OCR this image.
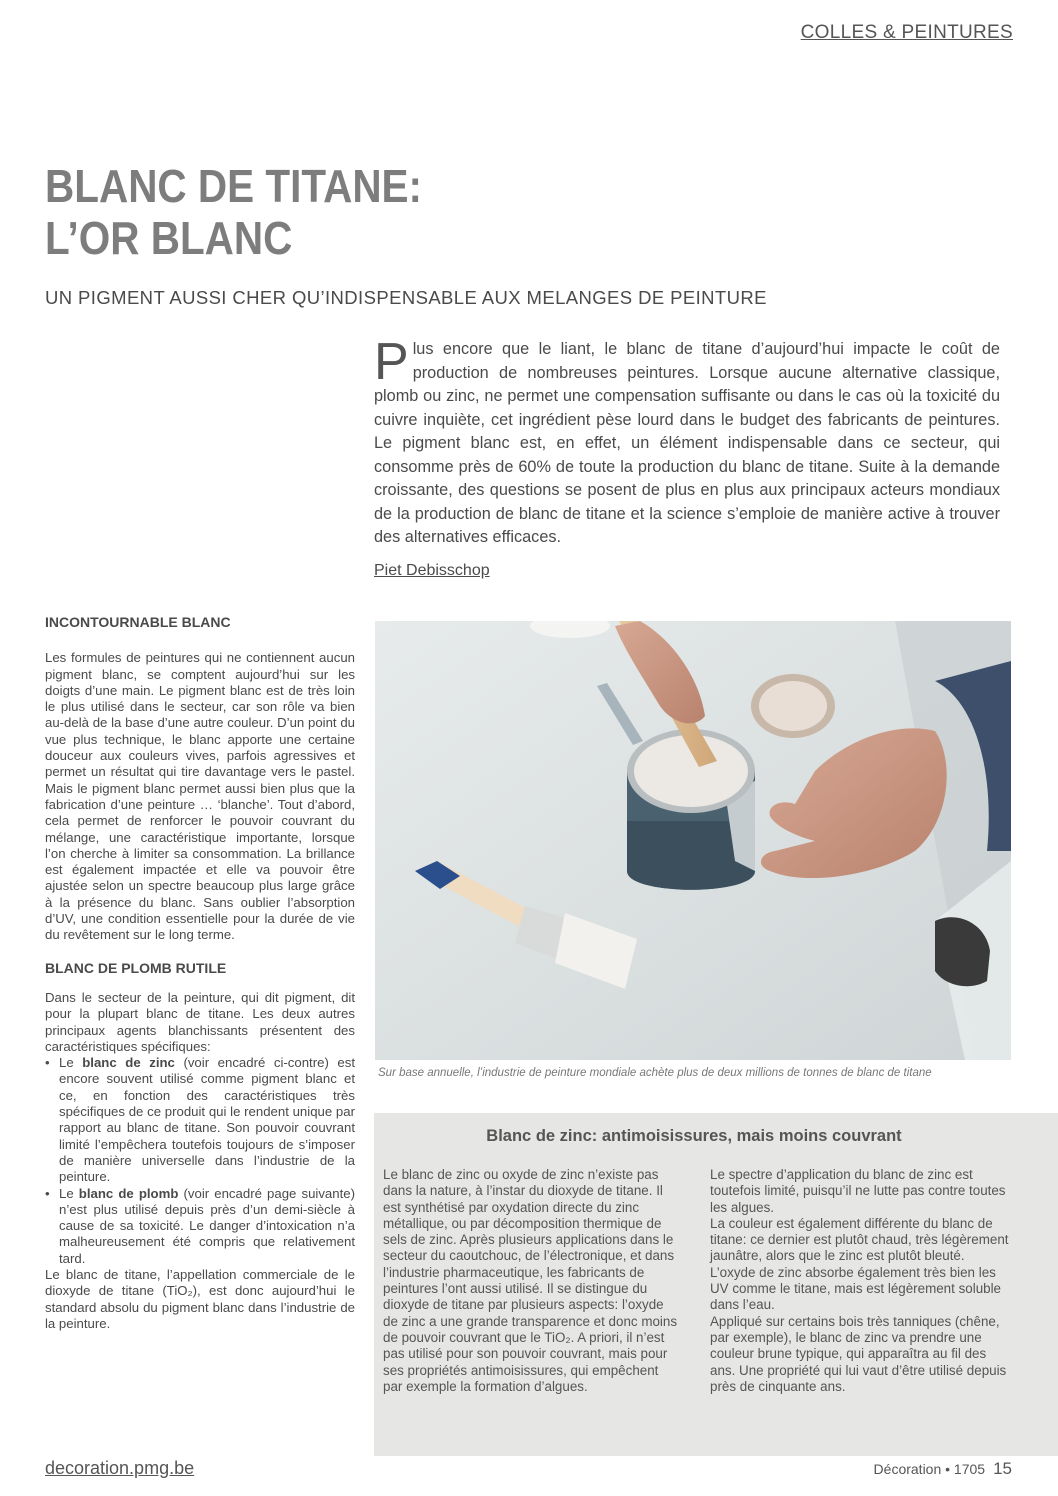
COLLES & PEINTURES
BLANC DE TITANE:
L’OR BLANC
UN PIGMENT AUSSI CHER QU’INDISPENSABLE AUX MELANGES DE PEINTURE

Plus encore que le liant, le blanc de titane d’aujourd’hui impacte le coût de production de nombreuses peintures. Lorsque aucune alternative classique, plomb ou zinc, ne permet une compensation suffisante ou dans le cas où la toxicité du cuivre inquiète, cet ingrédient pèse lourd dans le budget des fabricants de peintures. Le pigment blanc est, en effet, un élément indispensable dans ce secteur, qui consomme près de 60% de toute la production du blanc de titane. Suite à la demande croissante, des questions se posent de plus en plus aux principaux acteurs mondiaux de la production de blanc de titane et la science s’emploie de manière active à trouver des alternatives efficaces.

Piet Debisschop
INCONTOURNABLE BLANC

Les formules de peintures qui ne contiennent aucun pigment blanc, se comptent aujourd’hui sur les doigts d’une main. Le pigment blanc est de très loin le plus utilisé dans le secteur, car son rôle va bien au-delà de la base d’une autre couleur. D’un point du vue plus technique, le blanc apporte une certaine douceur aux couleurs vives, parfois agressives et permet un résultat qui tire davantage vers le pastel. Mais le pigment blanc permet aussi bien plus que la fabrication d’une peinture … ‘blanche’. Tout d’abord, cela permet de renforcer le pouvoir couvrant du mélange, une caractéristique importante, lorsque l’on cherche à limiter sa consommation. La brillance est également impactée et elle va pouvoir être ajustée selon un spectre beaucoup plus large grâce à la présence du blanc. Sans oublier l’absorption d’UV, une condition essentielle pour la durée de vie du revêtement sur le long terme.

BLANC DE PLOMB RUTILE

Dans le secteur de la peinture, qui dit pigment, dit pour la plupart blanc de titane. Les deux autres principaux agents blanchissants présentent des caractéristiques spécifiques:

• Le blanc de zinc (voir encadré ci-contre) est encore souvent utilisé comme pigment blanc et ce, en fonction des caractéristiques très spécifiques de ce produit qui le rendent unique par rapport au blanc de titane. Son pouvoir couvrant limité l’empêchera toutefois toujours de s’imposer de manière universelle dans l’industrie de la peinture.
• Le blanc de plomb (voir encadré page suivante) n’est plus utilisé depuis près d’un demi-siècle à cause de sa toxicité. Le danger d’intoxication n’a malheureusement été compris que relativement tard.

Le blanc de titane, l’appellation commerciale de le dioxyde de titane (TiO₂), est donc aujourd’hui le standard absolu du pigment blanc dans l’industrie de la peinture.

Sur base annuelle, l’industrie de peinture mondiale achète plus de deux millions de tonnes de blanc de titane
Blanc de zinc: antimoisissures, mais moins couvrant

Le blanc de zinc ou oxyde de zinc n’existe pas dans la nature, à l’instar du dioxyde de titane. Il est synthétisé par oxydation directe du zinc métallique, ou par décomposition thermique de sels de zinc. Après plusieurs applications dans le secteur du caoutchouc, de l’électronique, et dans l’industrie pharmaceutique, les fabricants de peintures l’ont aussi utilisé. Il se distingue du dioxyde de titane par plusieurs aspects: l’oxyde de zinc a une grande transparence et donc moins de pouvoir couvrant que le TiO₂. A priori, il n’est pas utilisé pour son pouvoir couvrant, mais pour ses propriétés antimoisissures, qui empêchent par exemple la formation d’algues.

Le spectre d’application du blanc de zinc est toutefois limité, puisqu’il ne lutte pas contre toutes les algues.

La couleur est également différente du blanc de titane: ce dernier est plutôt chaud, très légèrement jaunâtre, alors que le zinc est plutôt bleuté.

L’oxyde de zinc absorbe également très bien les UV comme le titane, mais est légèrement soluble dans l’eau.

Appliqué sur certains bois très tanniques (chêne, par exemple), le blanc de zinc va prendre une couleur brune typique, qui apparaîtra au fil des ans. Une propriété qui lui vaut d’être utilisé depuis près de cinquante ans.

decoration.pmg.be	Décoration • 1705 15
